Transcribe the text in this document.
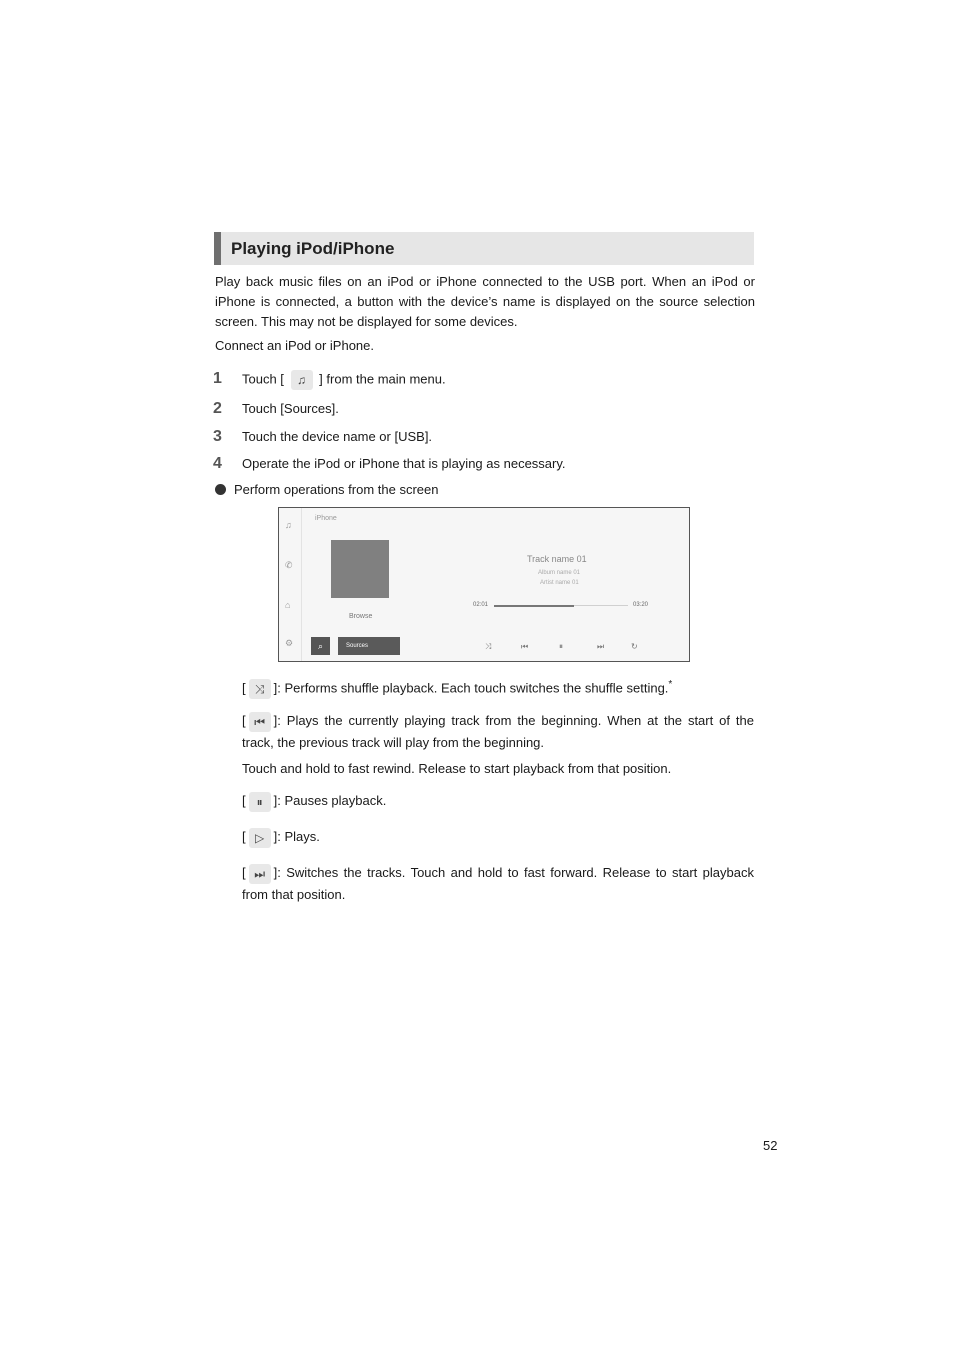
Playing iPod/iPhone

Play back music files on an iPod or iPhone connected to the USB port. When an iPod or iPhone is connected, a button with the device’s name is displayed on the source selection screen. This may not be displayed for some devices.

Connect an iPod or iPhone.
1	Touch [ ♫ ] from the main menu.
2	Touch [Sources].
3	Touch the device name or [USB].
4	Operate the iPod or iPhone that is playing as necessary.
Perform operations from the screen
♫
✆
⌂
⚙
iPhone
Browse
⌕	Sources
Track name 01
Album name 01
Artist name 01
02:01	03:20
⤨	⏮	⏸	⏭	↻
[ ⤨ ]: Performs shuffle playback. Each touch switches the shuffle setting.*
[ ⏮ ]: Plays the currently playing track from the beginning. When at the start of the track, the previous track will play from the beginning.
Touch and hold to fast rewind. Release to start playback from that position.
[ ⏸ ]: Pauses playback.
[ ▷ ]: Plays.
[ ⏭ ]: Switches the tracks. Touch and hold to fast forward. Release to start playback from that position.
52
